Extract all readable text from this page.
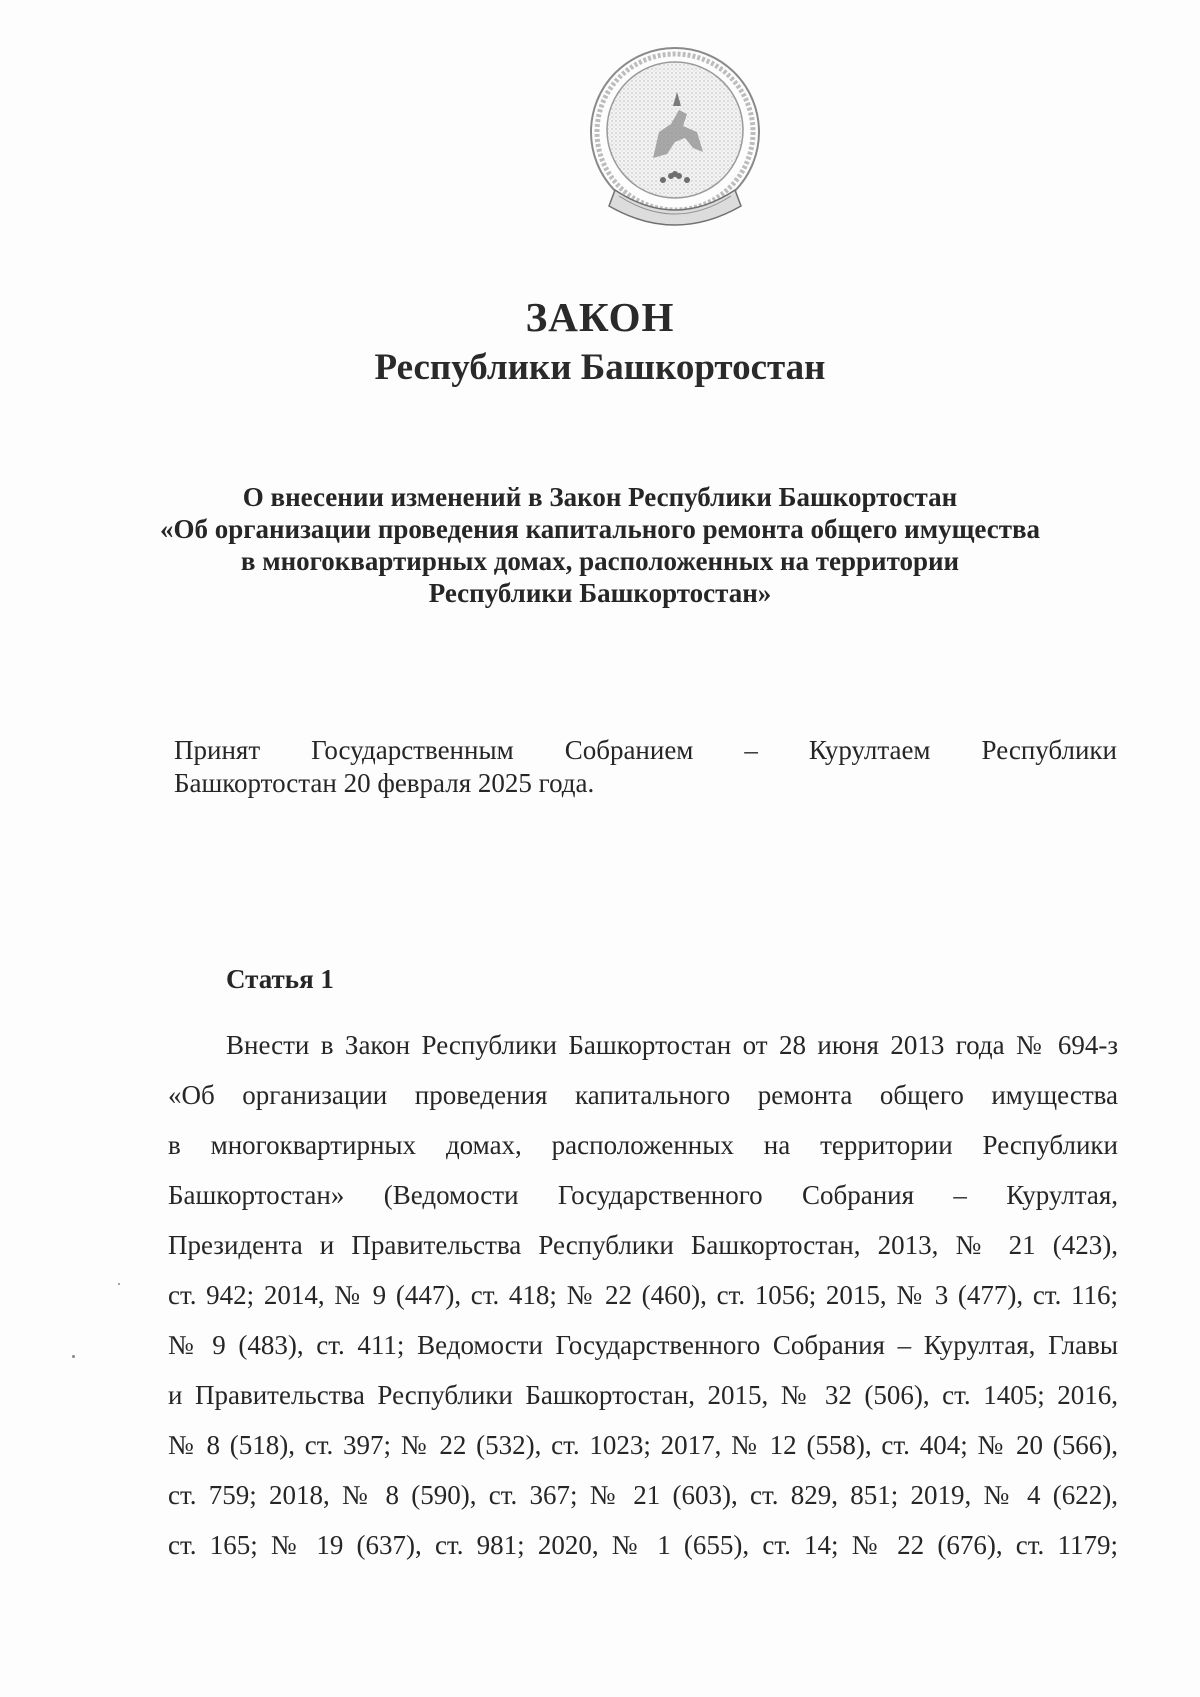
ЗАКОН
Республики Башкортостан
О внесении изменений в Закон Республики Башкортостан
«Об организации проведения капитального ремонта общего имущества
в многоквартирных домах, расположенных на территории
Республики Башкортостан»
Принят Государственным Собранием – Курултаем Республики
Башкортостан 20 февраля 2025 года.
Статья 1
Внести в Закон Республики Башкортостан от 28 июня 2013 года № 694-з
«Об организации проведения капитального ремонта общего имущества
в многоквартирных домах, расположенных на территории Республики
Башкортостан» (Ведомости Государственного Собрания – Курултая,
Президента и Правительства Республики Башкортостан, 2013, № 21 (423),
ст. 942; 2014, № 9 (447), ст. 418; № 22 (460), ст. 1056; 2015, № 3 (477), ст. 116;
№ 9 (483), ст. 411; Ведомости Государственного Собрания – Курултая, Главы
и Правительства Республики Башкортостан, 2015, № 32 (506), ст. 1405; 2016,
№ 8 (518), ст. 397; № 22 (532), ст. 1023; 2017, № 12 (558), ст. 404; № 20 (566),
ст. 759; 2018, № 8 (590), ст. 367; № 21 (603), ст. 829, 851; 2019, № 4 (622),
ст. 165; № 19 (637), ст. 981; 2020, № 1 (655), ст. 14; № 22 (676), ст. 1179;
